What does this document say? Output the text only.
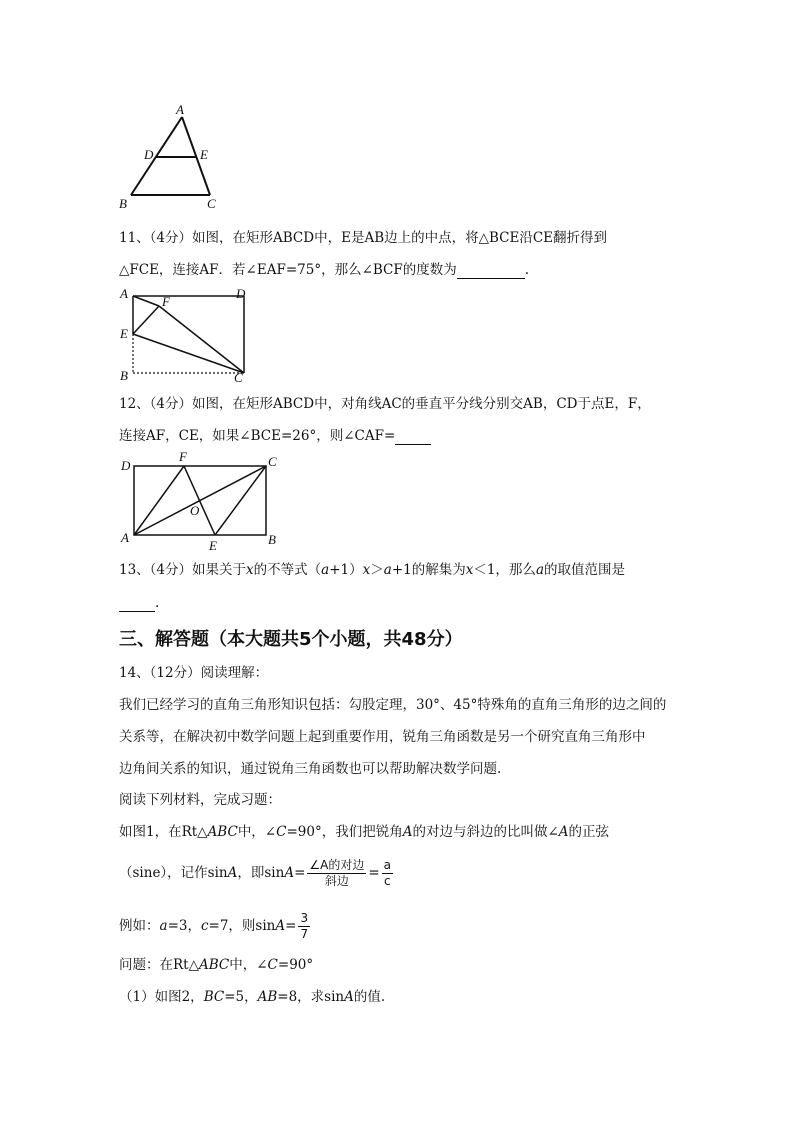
A
D	E
B	C
11、（4分）如图，在矩形ABCD中，E是AB边上的中点，将△BCE沿CE翻折得到
△FCE，连接AF．若∠EAF=75°，那么∠BCF的度数为	.
A
F
D
E
B	C
12、（4分）如图，在矩形ABCD中，对角线AC的垂直平分线分别交AB，CD于点E，F，
连接AF，CE，如果∠BCE=26°，则∠CAF=
D
F	C
O
A
E	B
13、（4分）如果关于x的不等式（a+1）x＞a+1的解集为x＜1，那么a的取值范围是
.
三、解答题（本大题共5个小题，共48分）
14、（12分）阅读理解：
我们已经学习的直角三角形知识包括：勾股定理，30°、45°特殊角的直角三角形的边之间的
关系等，在解决初中数学问题上起到重要作用，锐角三角函数是另一个研究直角三角形中
边角间关系的知识，通过锐角三角函数也可以帮助解决数学问题.
阅读下列材料，完成习题：
如图1，在Rt△ABC中，∠C=90°，我们把锐角A的对边与斜边的比叫做∠A的正弦
（sine），记作sinA，即$\sin A= \frac{\text{∠A的对边}}{\text{斜边}} = \frac{a}{c}$
例如：a=3，c=7，则$\sin A= \frac{3}{7}$
问题：在Rt△ABC中，∠C=90°
（1）如图2，BC=5，AB=8，求sinA的值.
